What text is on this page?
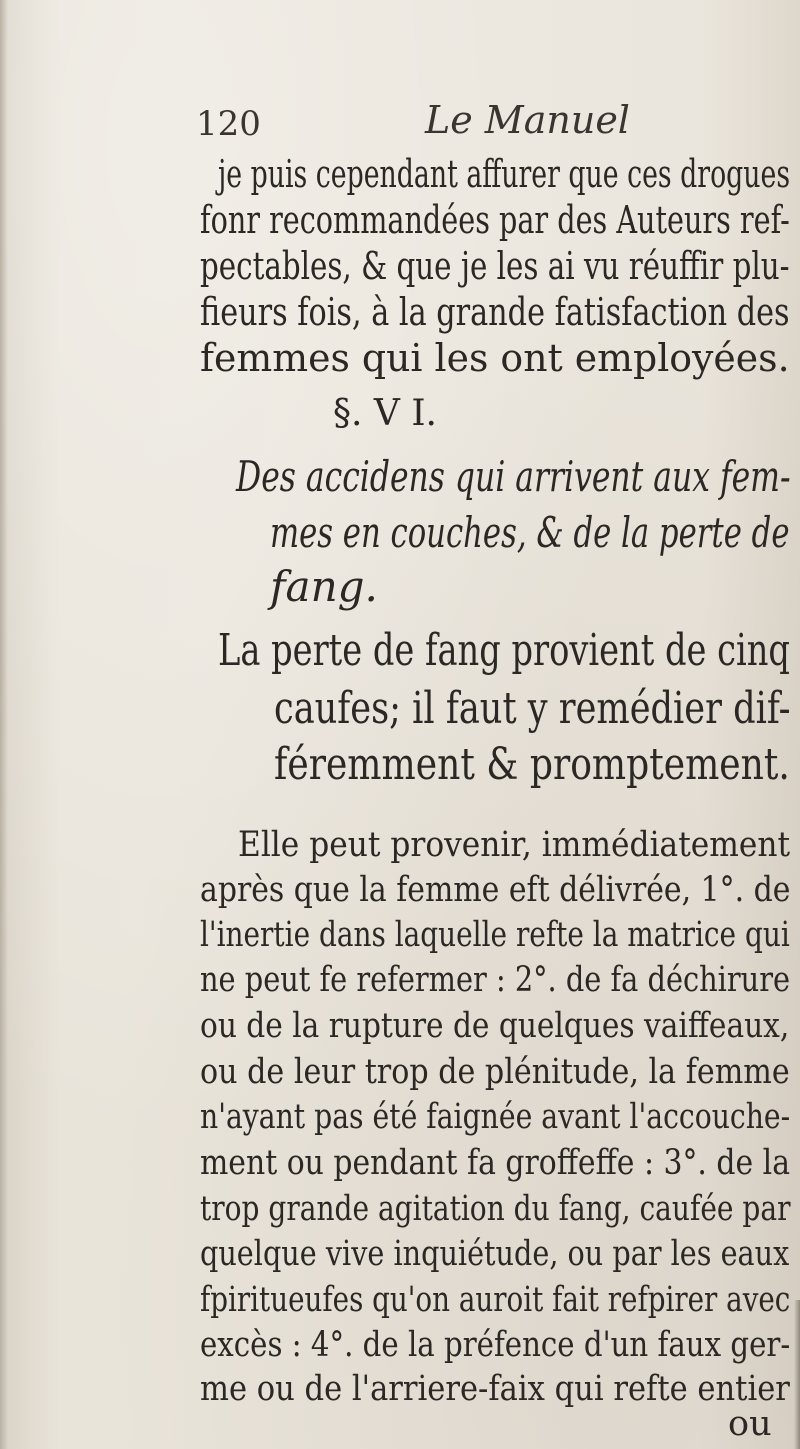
120	Le Manuel
je puis cependant affurer que ces drogues
fonr recommandées par des Auteurs ref-
pectables, & que je les ai vu réuffir plu-
fieurs fois, à la grande fatisfaction des
femmes qui les ont employées.
§. V I.
Des accidens qui arrivent aux fem-
mes en couches, & de la perte de
fang.
La perte de fang provient de cinq
caufes; il faut y remédier dif-
féremment & promptement.
Elle peut provenir, immédiatement
après que la femme eft délivrée, 1°. de
l'inertie dans laquelle refte la matrice qui
ne peut fe refermer : 2°. de fa déchirure
ou de la rupture de quelques vaiffeaux,
ou de leur trop de plénitude, la femme
n'ayant pas été faignée avant l'accouche-
ment ou pendant fa groffeffe : 3°. de la
trop grande agitation du fang, caufée par
quelque vive inquiétude, ou par les eaux
fpiritueufes qu'on auroit fait refpirer avec
excès : 4°. de la préfence d'un faux ger-
me ou de l'arriere-faix qui refte entier
ou
